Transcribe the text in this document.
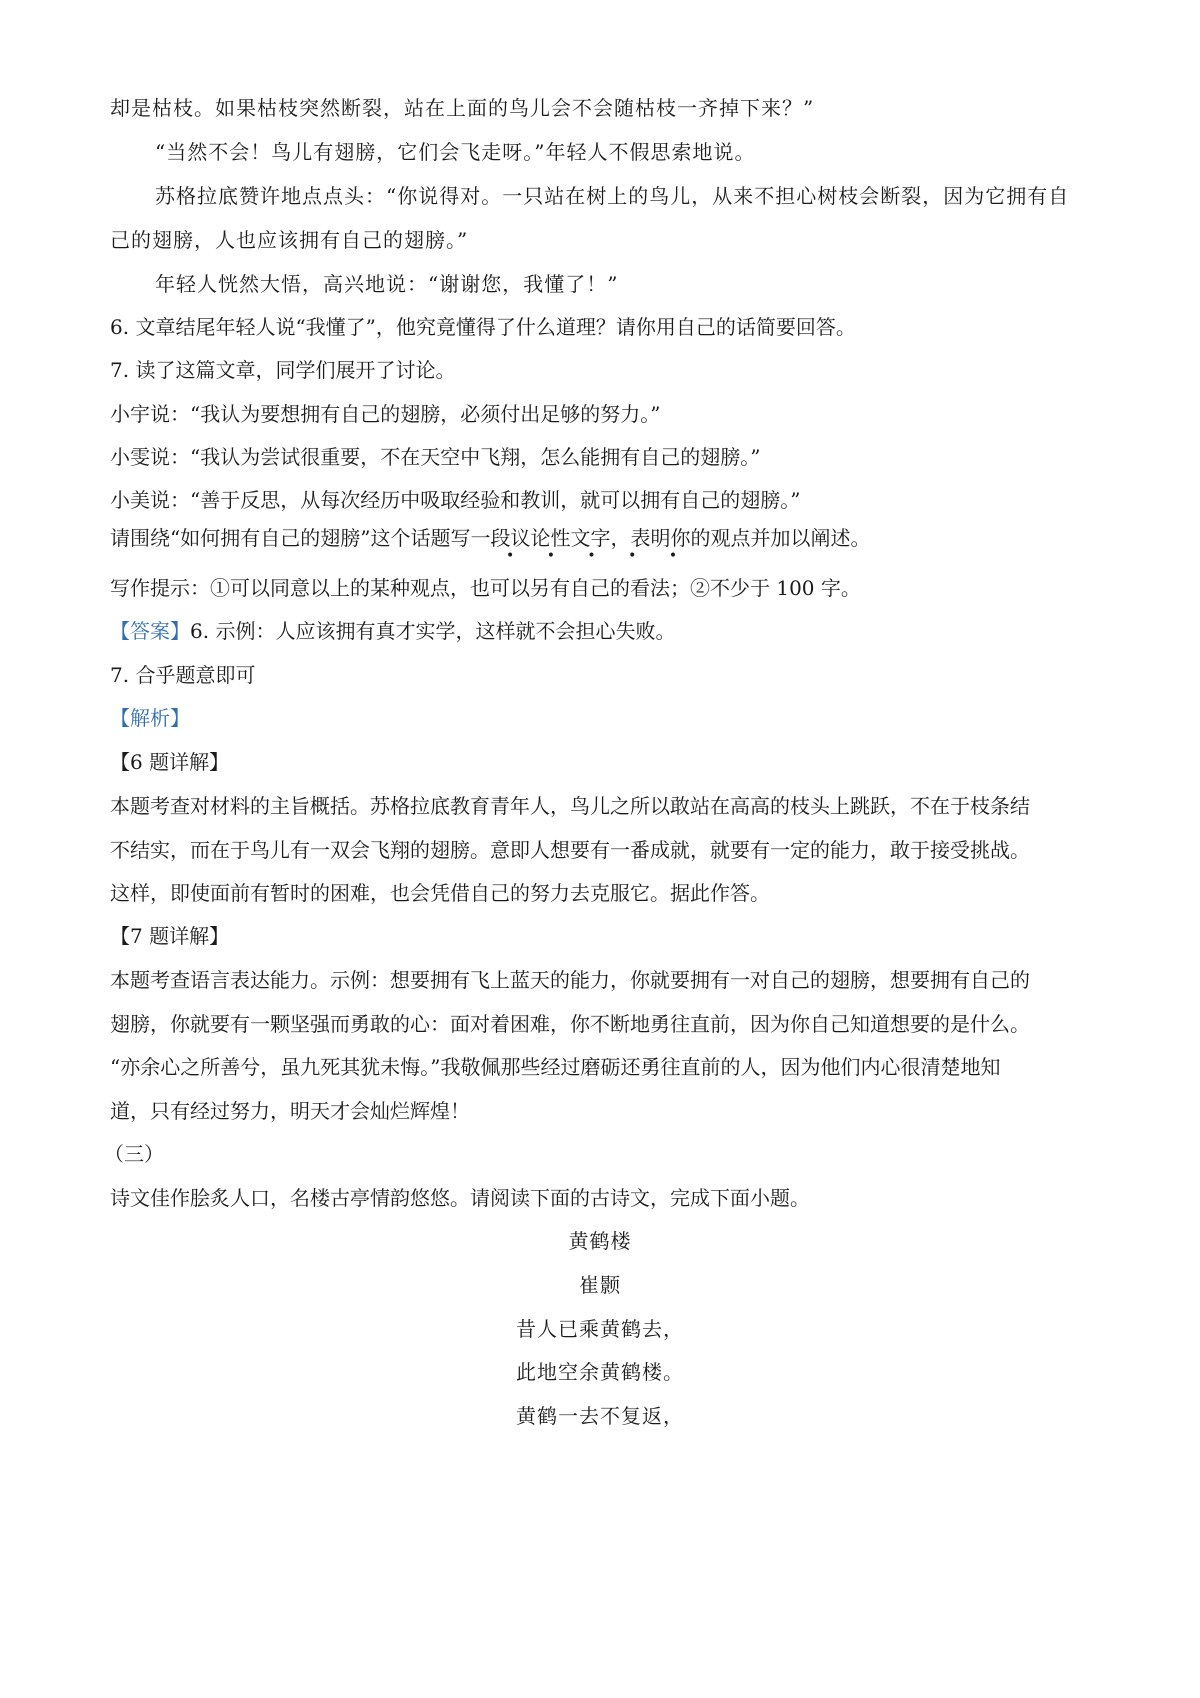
却是枯枝。如果枯枝突然断裂，站在上面的鸟儿会不会随枯枝一齐掉下来？”
“当然不会！鸟儿有翅膀，它们会飞走呀。”年轻人不假思索地说。
苏格拉底赞许地点点头：“你说得对。一只站在树上的鸟儿，从来不担心树枝会断裂，因为它拥有自
己的翅膀，人也应该拥有自己的翅膀。”
年轻人恍然大悟，高兴地说：“谢谢您，我懂了！”
6. 文章结尾年轻人说“我懂了”，他究竟懂得了什么道理？请你用自己的话简要回答。
7. 读了这篇文章，同学们展开了讨论。
小宇说：“我认为要想拥有自己的翅膀，必须付出足够的努力。”
小雯说：“我认为尝试很重要，不在天空中飞翔，怎么能拥有自己的翅膀。”
小美说：“善于反思，从每次经历中吸取经验和教训，就可以拥有自己的翅膀。”
请围绕“如何拥有自己的翅膀”这个话题写一段议论性文字，表明你的观点并加以阐述。
• • • • •
写作提示：①可以同意以上的某种观点，也可以另有自己的看法；②不少于 100 字。
【答案】6. 示例：人应该拥有真才实学，这样就不会担心失败。
7. 合乎题意即可
【解析】
【6 题详解】
本题考查对材料的主旨概括。苏格拉底教育青年人，鸟儿之所以敢站在高高的枝头上跳跃，不在于枝条结
不结实，而在于鸟儿有一双会飞翔的翅膀。意即人想要有一番成就，就要有一定的能力，敢于接受挑战。
这样，即使面前有暂时的困难，也会凭借自己的努力去克服它。据此作答。
【7 题详解】
本题考查语言表达能力。示例：想要拥有飞上蓝天的能力，你就要拥有一对自己的翅膀，想要拥有自己的
翅膀，你就要有一颗坚强而勇敢的心：面对着困难，你不断地勇往直前，因为你自己知道想要的是什么。
“亦余心之所善兮，虽九死其犹未悔。”我敬佩那些经过磨砺还勇往直前的人，因为他们内心很清楚地知
道，只有经过努力，明天才会灿烂辉煌！
（三）
诗文佳作脍炙人口，名楼古亭情韵悠悠。请阅读下面的古诗文，完成下面小题。
黄鹤楼
崔颢
昔人已乘黄鹤去，
此地空余黄鹤楼。
黄鹤一去不复返，
